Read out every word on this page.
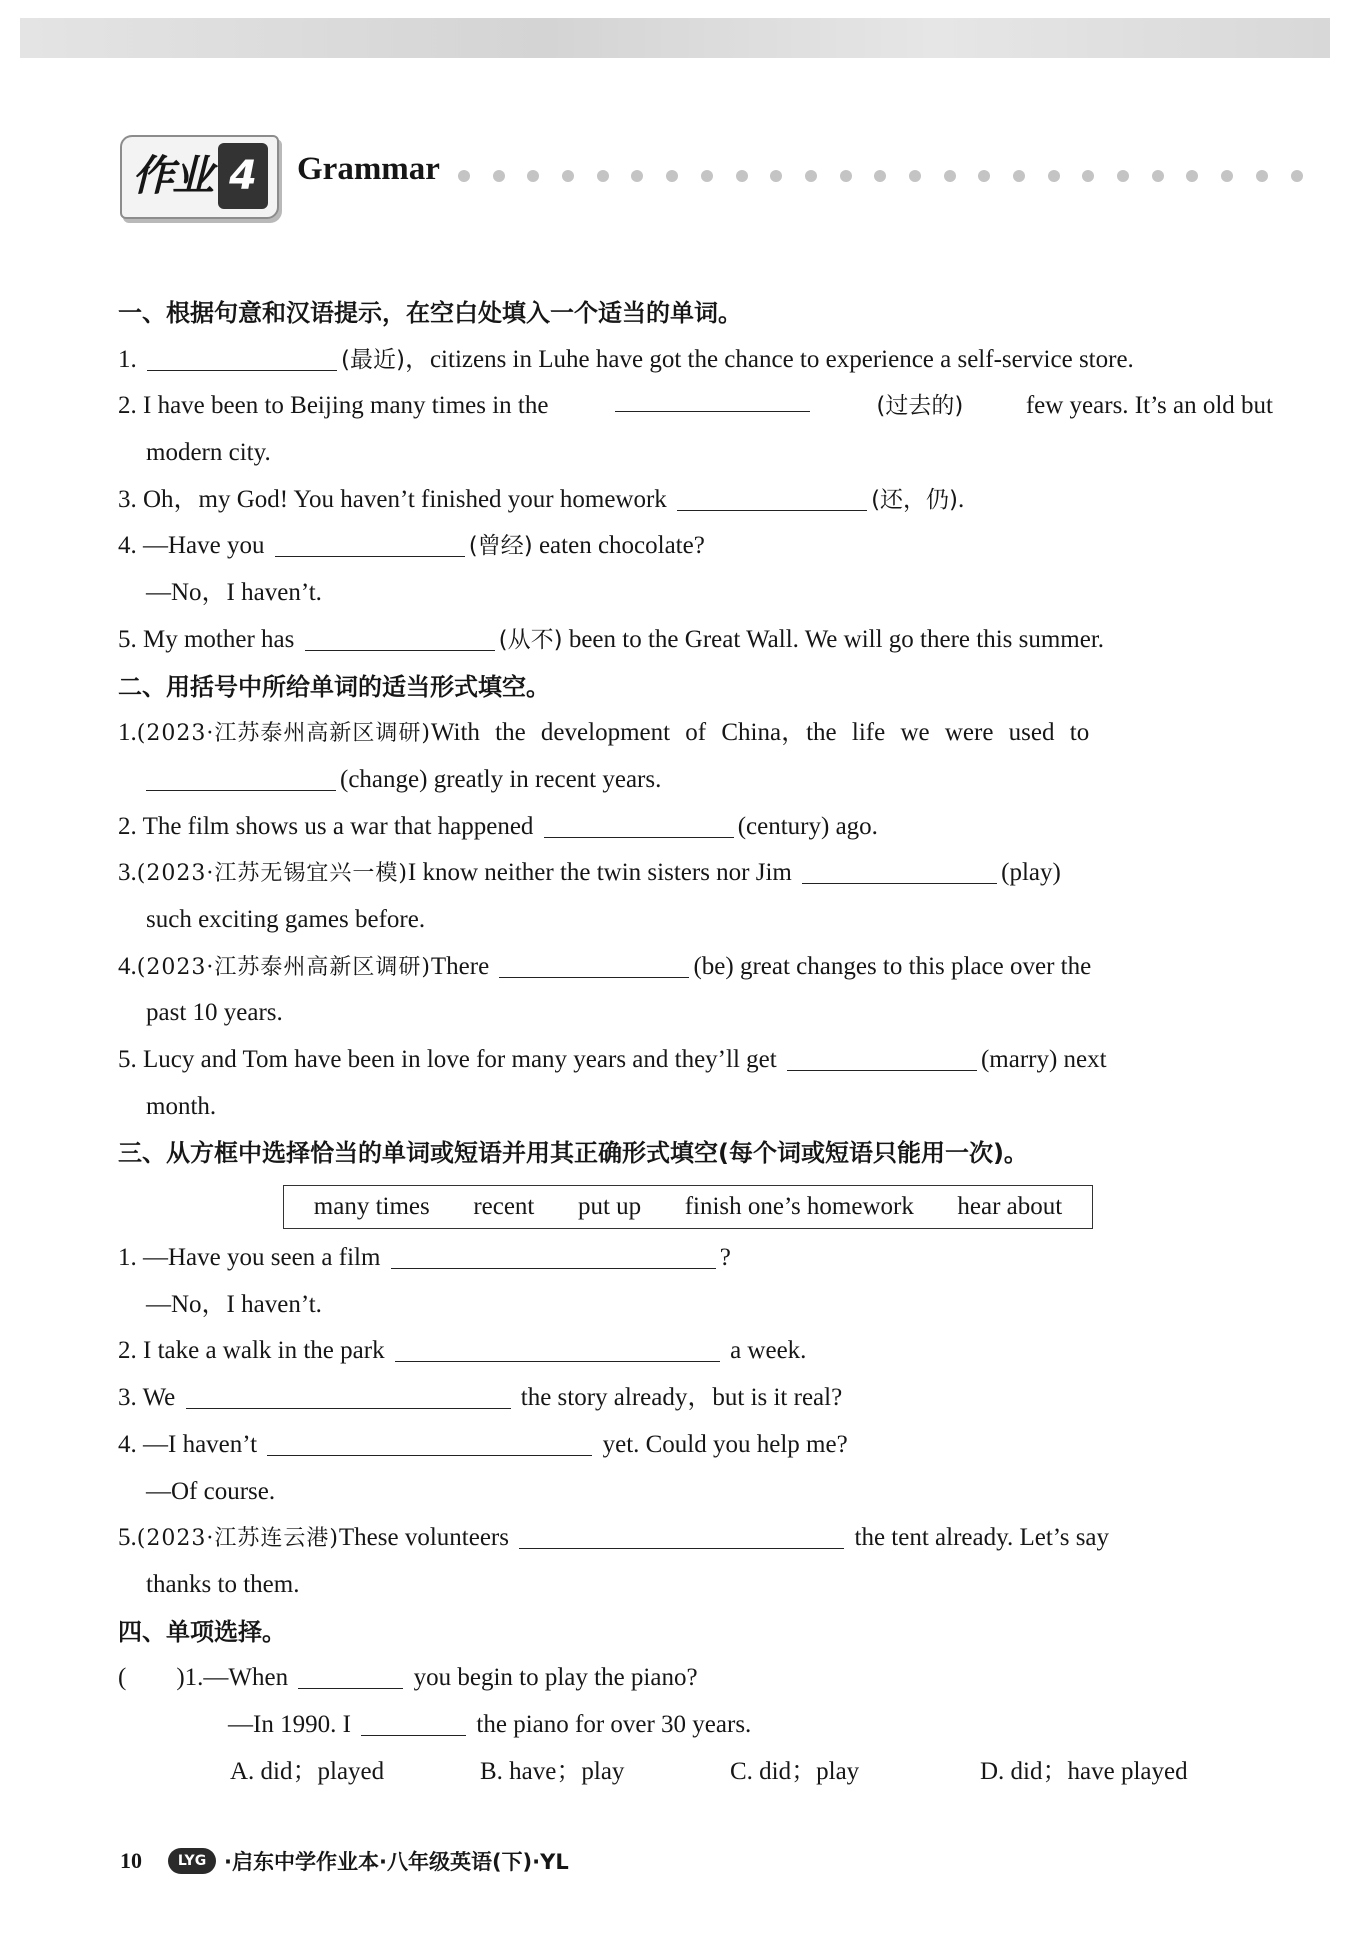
作业 4	Grammar
一、根据句意和汉语提示，在空白处填入一个适当的单词。
1.	(最近)，citizens in Luhe have got the chance to experience a self-service store.
2. I have been to Beijing many times in the	(过去的) few years. It’s an old but
modern city.
3. Oh，my God! You haven’t finished your homework	(还，仍).
4. —Have you	(曾经) eaten chocolate?
—No，I haven’t.
5. My mother has	(从不) been to the Great Wall. We will go there this summer.
二、用括号中所给单词的适当形式填空。
1.(2023·江苏泰州高新区调研)With the development of China，the life we were used to
(change) greatly in recent years.
2. The film shows us a war that happened	(century) ago.
3.(2023·江苏无锡宜兴一模)I know neither the twin sisters nor Jim	(play)
such exciting games before.
4.(2023·江苏泰州高新区调研)There	(be) great changes to this place over the
past 10 years.
5. Lucy and Tom have been in love for many years and they’ll get	(marry) next
month.
三、从方框中选择恰当的单词或短语并用其正确形式填空(每个词或短语只能用一次)。
many times recent put up finish one’s homework hear about
1. —Have you seen a film	?
—No，I haven’t.
2. I take a walk in the park	a week.
3. We	the story already，but is it real?
4. —I haven’t	yet. Could you help me?
—Of course.
5.(2023·江苏连云港)These volunteers	the tent already. Let’s say
thanks to them.
四、单项选择。
(　　)1.—When	you begin to play the piano?
—In 1990. I	the piano for over 30 years.
A. did；played	B. have；play	C. did；play	D. did；have played
10	LYG ·启东中学作业本·八年级英语(下)·YL
